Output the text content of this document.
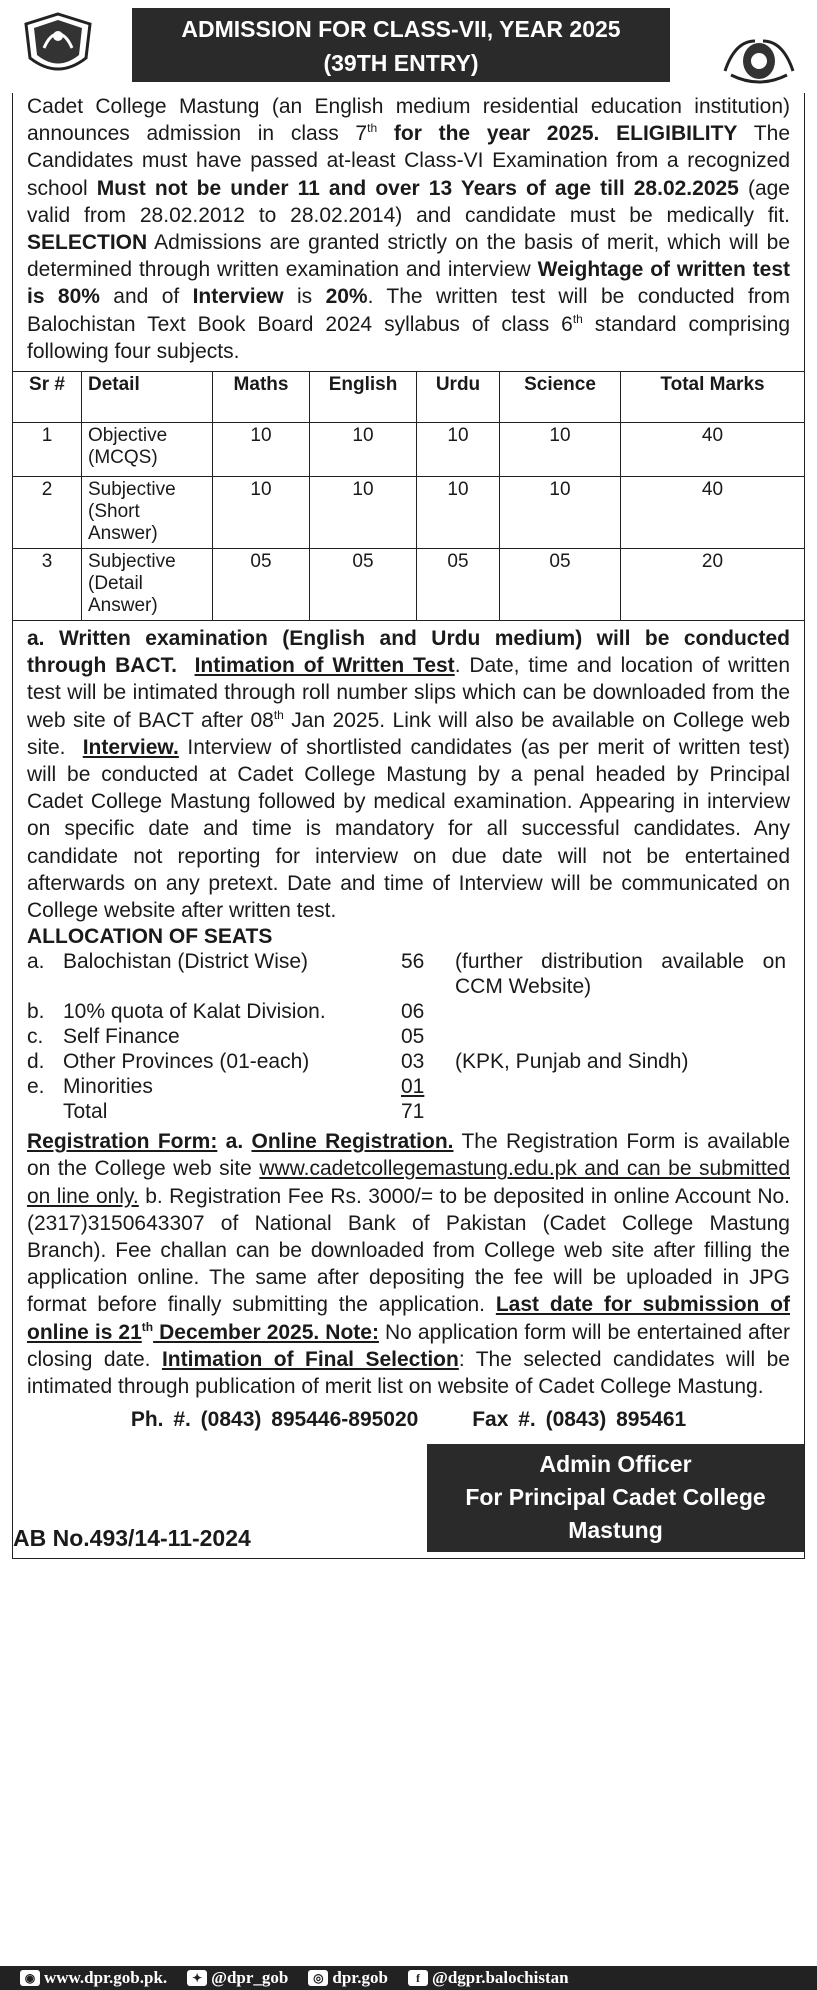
ADMISSION FOR CLASS-VII, YEAR 2025
(39TH ENTRY)

Cadet College Mastung (an English medium residential education institution) announces admission in class 7th for the year 2025. ELIGIBILITY The Candidates must have passed at-least Class-VI Examination from a recognized school Must not be under 11 and over 13 Years of age till 28.02.2025 (age valid from 28.02.2012 to 28.02.2014) and candidate must be medically fit. SELECTION Admissions are granted strictly on the basis of merit, which will be determined through written examination and interview Weightage of written test is 80% and of Interview is 20%. The written test will be conducted from Balochistan Text Book Board 2024 syllabus of class 6th standard comprising following four subjects.

Sr #	Detail	Maths	English	Urdu	Science	Total Marks
1	Objective (MCQS)	10	10	10	10	40
2	Subjective (Short Answer)	10	10	10	10	40
3	Subjective (Detail Answer)	05	05	05	05	20

a. Written examination (English and Urdu medium) will be conducted through BACT. Intimation of Written Test. Date, time and location of written test will be intimated through roll number slips which can be downloaded from the web site of BACT after 08th Jan 2025. Link will also be available on College web site. Interview. Interview of shortlisted candidates (as per merit of written test) will be conducted at Cadet College Mastung by a penal headed by Principal Cadet College Mastung followed by medical examination. Appearing in interview on specific date and time is mandatory for all successful candidates. Any candidate not reporting for interview on due date will not be entertained afterwards on any pretext. Date and time of Interview will be communicated on College website after written test.

ALLOCATION OF SEATS
a. Balochistan (District Wise)	56	(further distribution available on CCM Website)
b. 10% quota of Kalat Division.	06
c. Self Finance	05
d. Other Provinces (01-each)	03	(KPK, Punjab and Sindh)
e. Minorities	01
Total	71

Registration Form: a. Online Registration. The Registration Form is available on the College web site www.cadetcollegemastung.edu.pk and can be submitted on line only. b. Registration Fee Rs. 3000/= to be deposited in online Account No. (2317)3150643307 of National Bank of Pakistan (Cadet College Mastung Branch). Fee challan can be downloaded from College web site after filling the application online. The same after depositing the fee will be uploaded in JPG format before finally submitting the application. Last date for submission of online is 21th December 2025. Note: No application form will be entertained after closing date. Intimation of Final Selection: The selected candidates will be intimated through publication of merit list on website of Cadet College Mastung.

Ph. #. (0843) 895446-895020	Fax #. (0843) 895461
Admin Officer
For Principal Cadet College
Mastung
AB No.493/14-11-2024
◉ www.dpr.gob.pk.	✦ @dpr_gob	◎ dpr.gob	f @dgpr.balochistan
